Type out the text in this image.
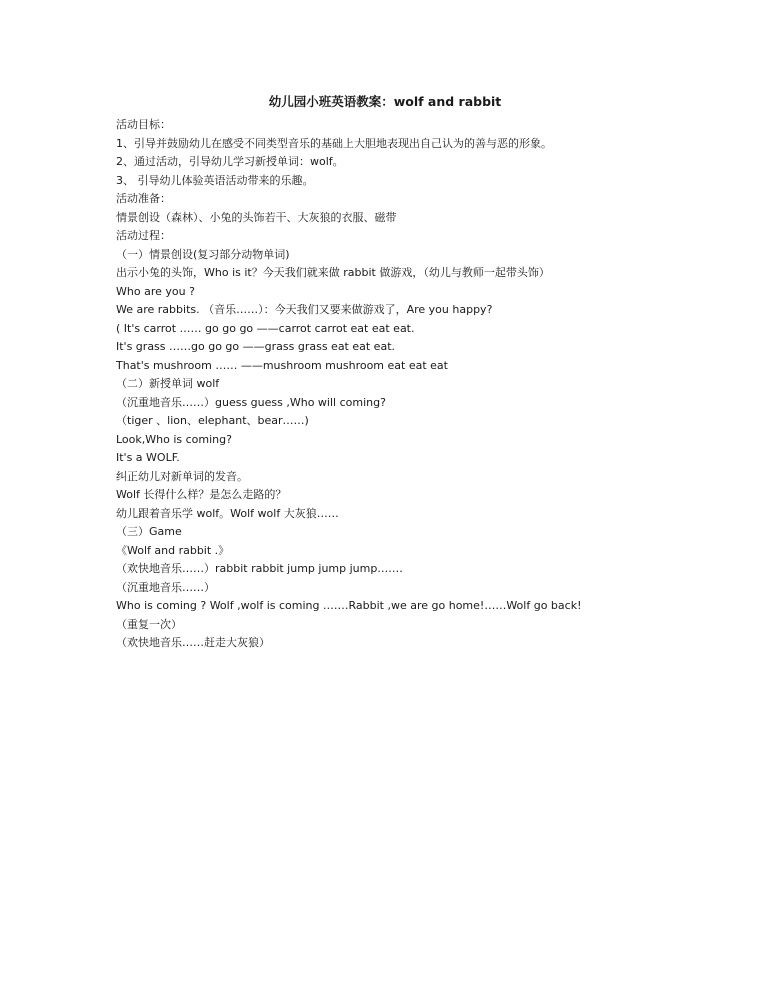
幼儿园小班英语教案：wolf and rabbit
活动目标：
1、引导并鼓励幼儿在感受不同类型音乐的基础上大胆地表现出自己认为的善与恶的形象。
2、通过活动，引导幼儿学习新授单词：wolf。
3、 引导幼儿体验英语活动带来的乐趣。
活动准备：
情景创设（森林）、小兔的头饰若干、大灰狼的衣服、磁带
活动过程：
（一）情景创设(复习部分动物单词)
出示小兔的头饰，Who is it？今天我们就来做 rabbit 做游戏，（幼儿与教师一起带头饰）
Who are you ?
We are rabbits. （音乐……）：今天我们又要来做游戏了，Are you happy?
( It's carrot …… go go go ——carrot carrot eat eat eat.
It's grass ……go go go ——grass grass eat eat eat.
That's mushroom …… ——mushroom mushroom eat eat eat
（二）新授单词 wolf
（沉重地音乐……）guess guess ,Who will coming?
（tiger 、lion、elephant、bear……)
Look,Who is coming?
It's a WOLF.
纠正幼儿对新单词的发音。
Wolf 长得什么样？是怎么走路的？
幼儿跟着音乐学 wolf。Wolf wolf 大灰狼……
（三）Game
《Wolf and rabbit .》
（欢快地音乐……）rabbit rabbit jump jump jump.……
（沉重地音乐……）
Who is coming ? Wolf ,wolf is coming .……Rabbit ,we are go home!……Wolf go back!
（重复一次）
（欢快地音乐……赶走大灰狼）
